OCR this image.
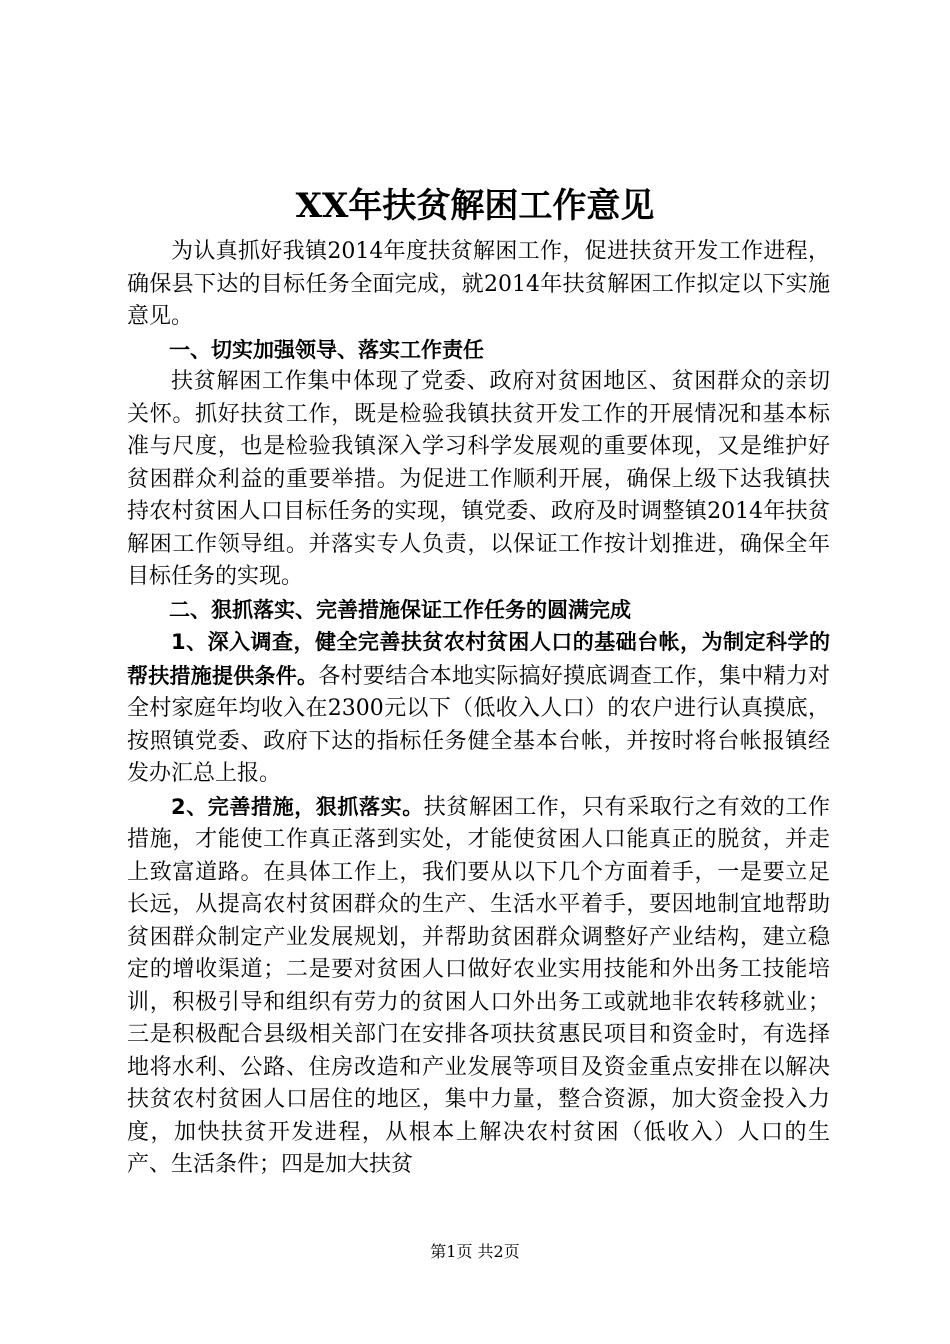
XX年扶贫解困工作意见

为认真抓好我镇2014年度扶贫解困工作，促进扶贫开发工作进程，确保县下达的目标任务全面完成，就2014年扶贫解困工作拟定以下实施意见。

一、切实加强领导、落实工作责任

扶贫解困工作集中体现了党委、政府对贫困地区、贫困群众的亲切关怀。抓好扶贫工作，既是检验我镇扶贫开发工作的开展情况和基本标准与尺度，也是检验我镇深入学习科学发展观的重要体现，又是维护好贫困群众利益的重要举措。为促进工作顺利开展，确保上级下达我镇扶持农村贫困人口目标任务的实现，镇党委、政府及时调整镇2014年扶贫解困工作领导组。并落实专人负责，以保证工作按计划推进，确保全年目标任务的实现。

二、狠抓落实、完善措施保证工作任务的圆满完成

1、深入调查，健全完善扶贫农村贫困人口的基础台帐，为制定科学的帮扶措施提供条件。各村要结合本地实际搞好摸底调查工作，集中精力对全村家庭年均收入在2300元以下（低收入人口）的农户进行认真摸底，按照镇党委、政府下达的指标任务健全基本台帐，并按时将台帐报镇经发办汇总上报。

2、完善措施，狠抓落实。扶贫解困工作，只有采取行之有效的工作措施，才能使工作真正落到实处，才能使贫困人口能真正的脱贫，并走上致富道路。在具体工作上，我们要从以下几个方面着手，一是要立足长远，从提高农村贫困群众的生产、生活水平着手，要因地制宜地帮助贫困群众制定产业发展规划，并帮助贫困群众调整好产业结构，建立稳定的增收渠道；二是要对贫困人口做好农业实用技能和外出务工技能培训，积极引导和组织有劳力的贫困人口外出务工或就地非农转移就业；三是积极配合县级相关部门在安排各项扶贫惠民项目和资金时，有选择地将水利、公路、住房改造和产业发展等项目及资金重点安排在以解决扶贫农村贫困人口居住的地区，集中力量，整合资源，加大资金投入力度，加快扶贫开发进程，从根本上解决农村贫困（低收入）人口的生产、生活条件；四是加大扶贫

第1页 共2页
